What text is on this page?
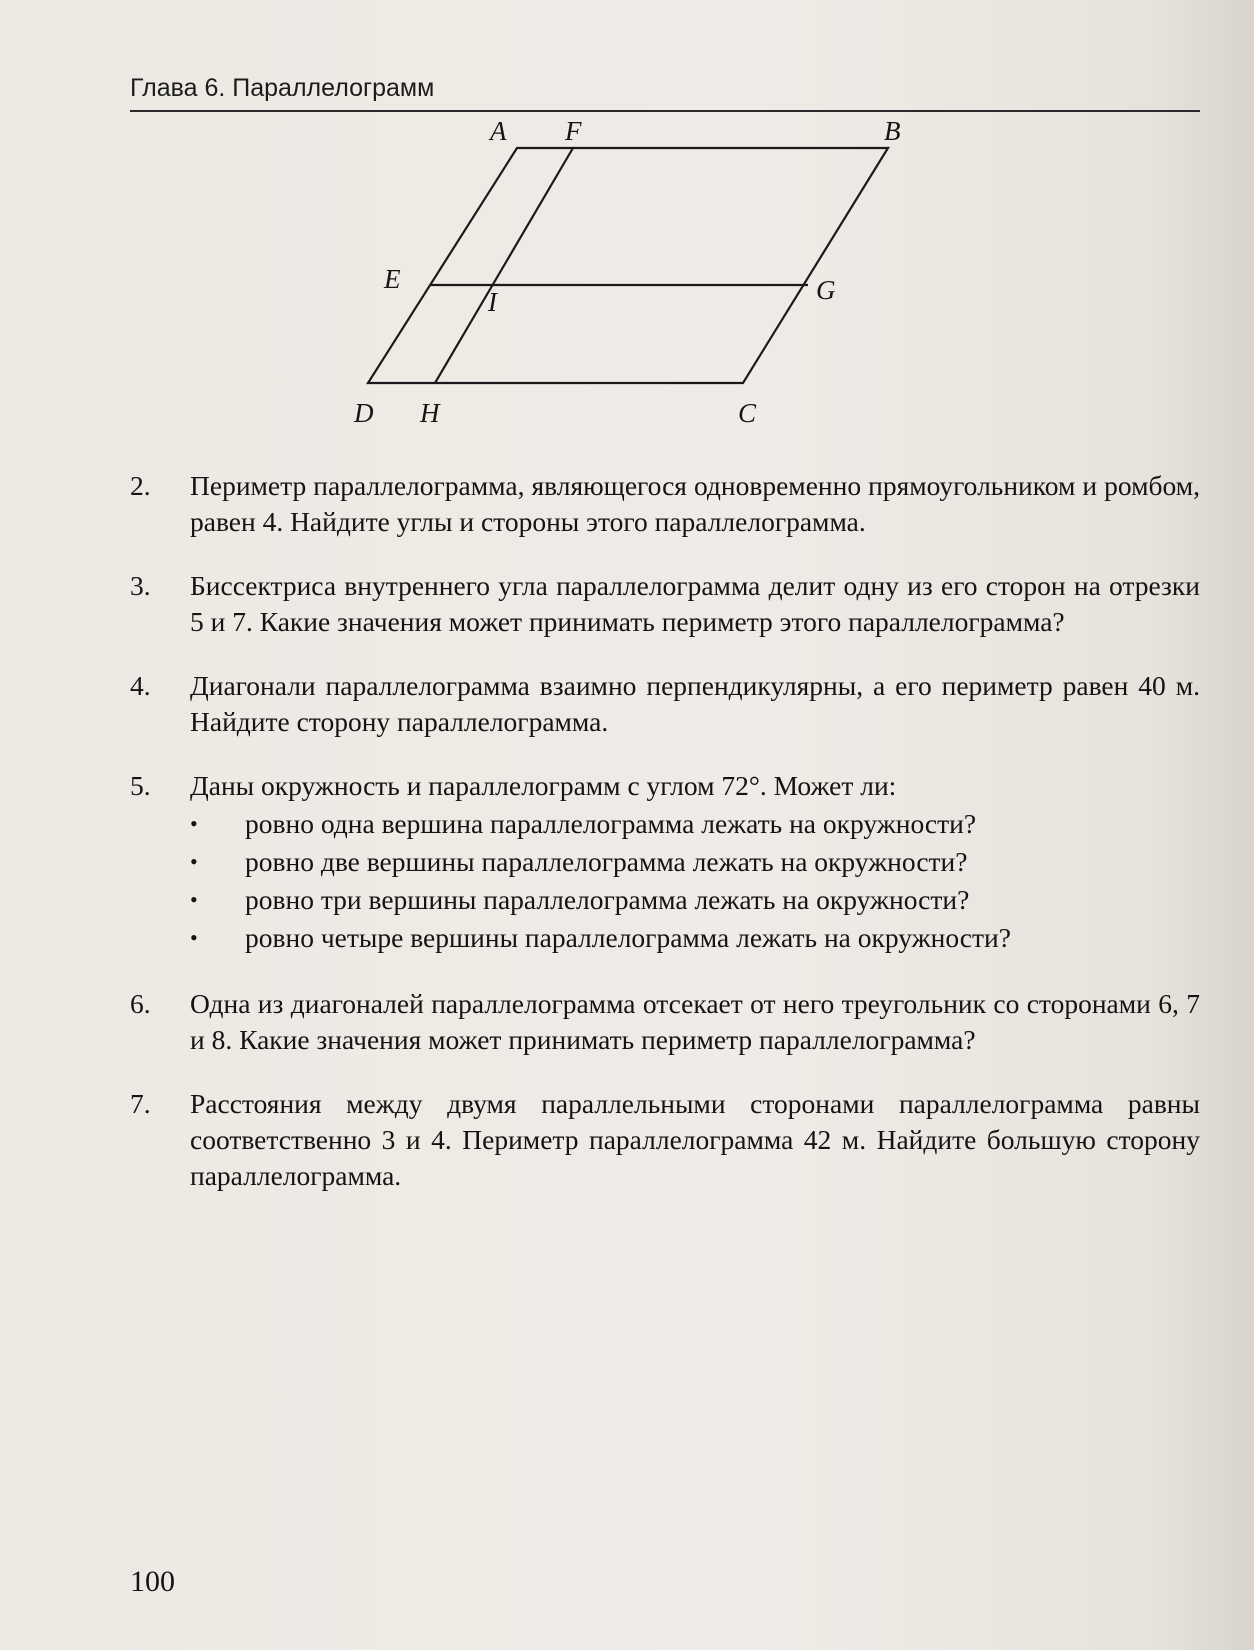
Глава 6. Параллелограмм
A F	B
E
I	G
D H	C
2.	Периметр параллелограмма, являющегося одновременно прямоугольником и ромбом, равен 4. Найдите углы и стороны этого параллелограмма.
3.	Биссектриса внутреннего угла параллелограмма делит одну из его сторон на отрезки 5 и 7. Какие значения может принимать периметр этого параллелограмма?
4.	Диагонали параллелограмма взаимно перпендикулярны, а его периметр равен 40 м. Найдите сторону параллелограмма.
5.	Даны окружность и параллелограмм с углом 72°. Может ли:
•	ровно одна вершина параллелограмма лежать на окружности?
•	ровно две вершины параллелограмма лежать на окружности?
•	ровно три вершины параллелограмма лежать на окружности?
•	ровно четыре вершины параллелограмма лежать на окружности?
6.	Одна из диагоналей параллелограмма отсекает от него треугольник со сторонами 6, 7 и 8. Какие значения может принимать периметр параллелограмма?
7.	Расстояния между двумя параллельными сторонами параллелограмма равны соответственно 3 и 4. Периметр параллелограмма 42 м. Найдите большую сторону параллелограмма.
100
